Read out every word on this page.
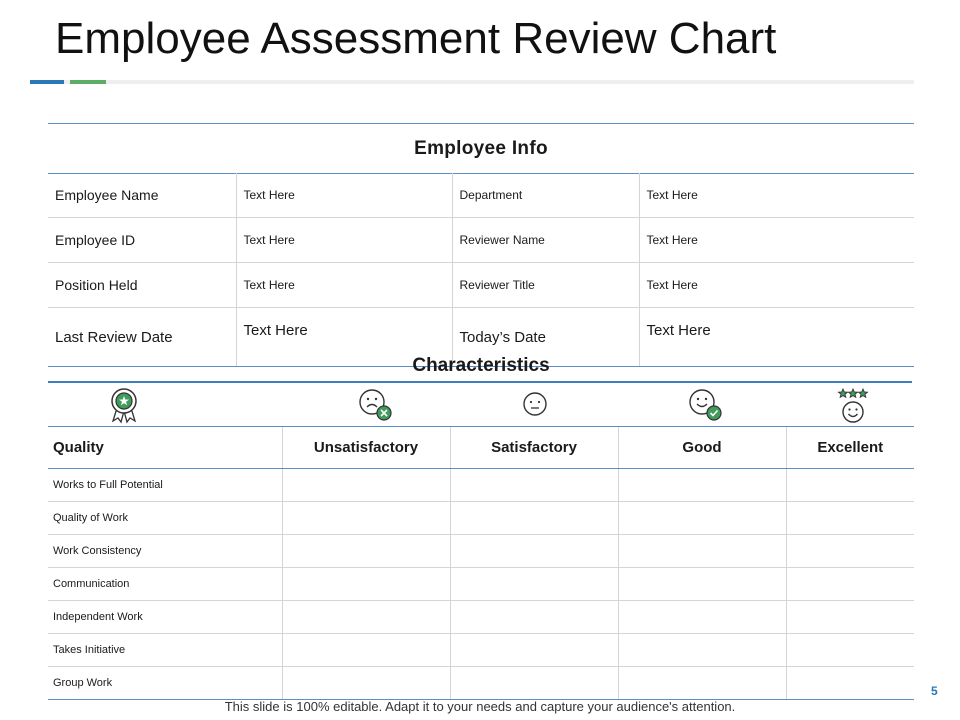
Employee Assessment Review Chart
Employee Info
Employee Name	Text Here	Department	Text Here
Employee ID	Text Here	Reviewer Name	Text Here
Position Held	Text Here	Reviewer Title	Text Here
Last Review Date	Text Here	Today’s Date	Text Here
Characteristics
Quality	Unsatisfactory	Satisfactory	Good	Excellent
Works to Full Potential				
Quality of Work				
Work Consistency				
Communication				
Independent Work				
Takes Initiative				
Group Work				
This slide is 100% editable. Adapt it to your needs and capture your audience's attention.
5
